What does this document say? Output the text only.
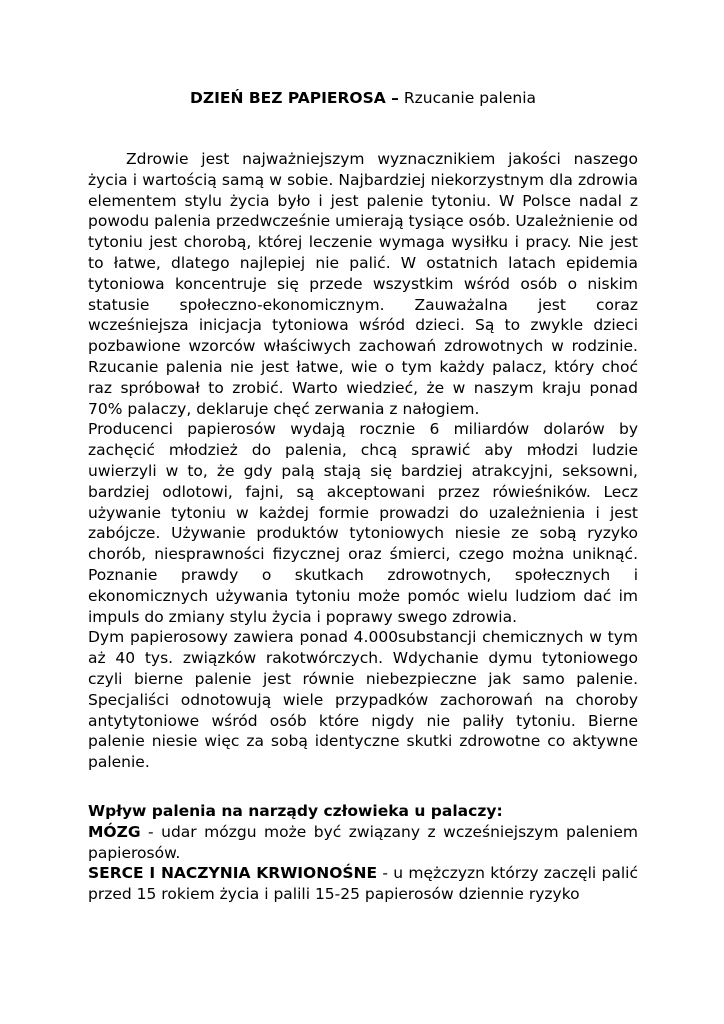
DZIEŃ BEZ PAPIEROSA – Rzucanie palenia

Zdrowie jest najważniejszym wyznacznikiem jakości naszego życia i wartością samą w sobie. Najbardziej niekorzystnym dla zdrowia elementem stylu życia było i jest palenie tytoniu. W Polsce nadal z powodu palenia przedwcześnie umierają tysiące osób. Uzależnienie od tytoniu jest chorobą, której leczenie wymaga wysiłku i pracy. Nie jest to łatwe, dlatego najlepiej nie palić. W ostatnich latach epidemia tytoniowa koncentruje się przede wszystkim wśród osób o niskim statusie społeczno-ekonomicznym. Zauważalna jest coraz wcześniejsza inicjacja tytoniowa wśród dzieci. Są to zwykle dzieci pozbawione wzorców właściwych zachowań zdrowotnych w rodzinie. Rzucanie palenia nie jest łatwe, wie o tym każdy palacz, który choć raz spróbował to zrobić. Warto wiedzieć, że w naszym kraju ponad 70% palaczy, deklaruje chęć zerwania z nałogiem.

Producenci papierosów wydają rocznie 6 miliardów dolarów by zachęcić młodzież do palenia, chcą sprawić aby młodzi ludzie uwierzyli w to, że gdy palą stają się bardziej atrakcyjni, seksowni, bardziej odlotowi, fajni, są akceptowani przez rówieśników. Lecz używanie tytoniu w każdej formie prowadzi do uzależnienia i jest zabójcze. Używanie produktów tytoniowych niesie ze sobą ryzyko chorób, niesprawności fizycznej oraz śmierci, czego można uniknąć. Poznanie prawdy o skutkach zdrowotnych, społecznych i ekonomicznych używania tytoniu może pomóc wielu ludziom dać im impuls do zmiany stylu życia i poprawy swego zdrowia.

Dym papierosowy zawiera ponad 4.000substancji chemicznych w tym aż 40 tys. związków rakotwórczych. Wdychanie dymu tytoniowego czyli bierne palenie jest równie niebezpieczne jak samo palenie. Specjaliści odnotowują wiele przypadków zachorowań na choroby antytytoniowe wśród osób które nigdy nie paliły tytoniu. Bierne palenie niesie więc za sobą identyczne skutki zdrowotne co aktywne palenie.

Wpływ palenia na narządy człowieka u palaczy:

MÓZG - udar mózgu może być związany z wcześniejszym paleniem papierosów.

SERCE I NACZYNIA KRWIONOŚNE - u mężczyzn którzy zaczęli palić przed 15 rokiem życia i palili 15-25 papierosów dziennie ryzyko
